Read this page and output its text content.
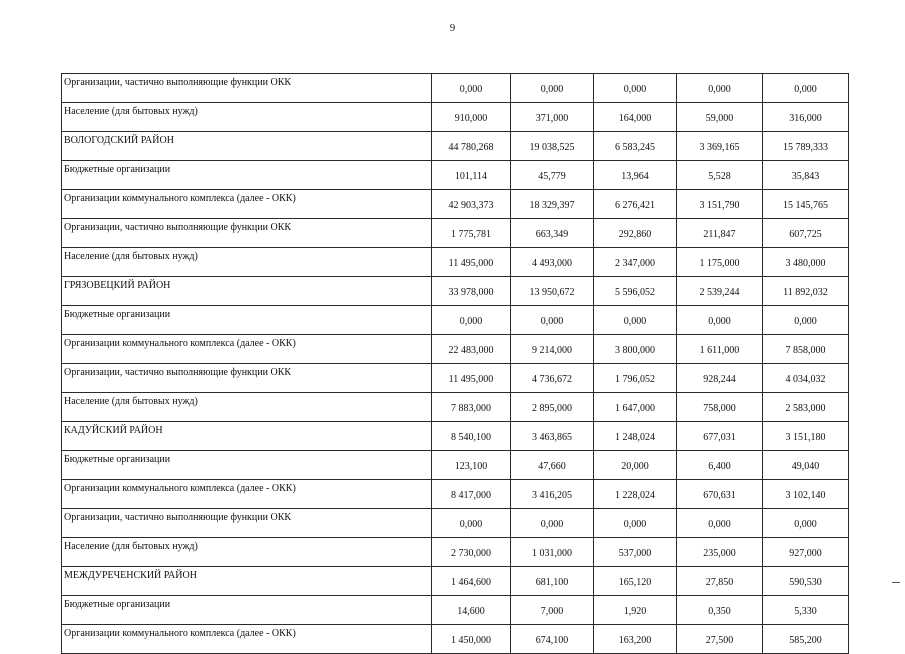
9
Организации, частично выполняющие функции ОКК	0,000	0,000	0,000	0,000	0,000
Население (для бытовых нужд)	910,000	371,000	164,000	59,000	316,000
ВОЛОГОДСКИЙ РАЙОН	44 780,268	19 038,525	6 583,245	3 369,165	15 789,333
Бюджетные организации	101,114	45,779	13,964	5,528	35,843
Организации коммунального комплекса (далее - ОКК)	42 903,373	18 329,397	6 276,421	3 151,790	15 145,765
Организации, частично выполняющие функции ОКК	1 775,781	663,349	292,860	211,847	607,725
Население (для бытовых нужд)	11 495,000	4 493,000	2 347,000	1 175,000	3 480,000
ГРЯЗОВЕЦКИЙ РАЙОН	33 978,000	13 950,672	5 596,052	2 539,244	11 892,032
Бюджетные организации	0,000	0,000	0,000	0,000	0,000
Организации коммунального комплекса (далее - ОКК)	22 483,000	9 214,000	3 800,000	1 611,000	7 858,000
Организации, частично выполняющие функции ОКК	11 495,000	4 736,672	1 796,052	928,244	4 034,032
Население (для бытовых нужд)	7 883,000	2 895,000	1 647,000	758,000	2 583,000
КАДУЙСКИЙ РАЙОН	8 540,100	3 463,865	1 248,024	677,031	3 151,180
Бюджетные организации	123,100	47,660	20,000	6,400	49,040
Организации коммунального комплекса (далее - ОКК)	8 417,000	3 416,205	1 228,024	670,631	3 102,140
Организации, частично выполняющие функции ОКК	0,000	0,000	0,000	0,000	0,000
Население (для бытовых нужд)	2 730,000	1 031,000	537,000	235,000	927,000
МЕЖДУРЕЧЕНСКИЙ РАЙОН	1 464,600	681,100	165,120	27,850	590,530
Бюджетные организации	14,600	7,000	1,920	0,350	5,330
Организации коммунального комплекса (далее - ОКК)	1 450,000	674,100	163,200	27,500	585,200
